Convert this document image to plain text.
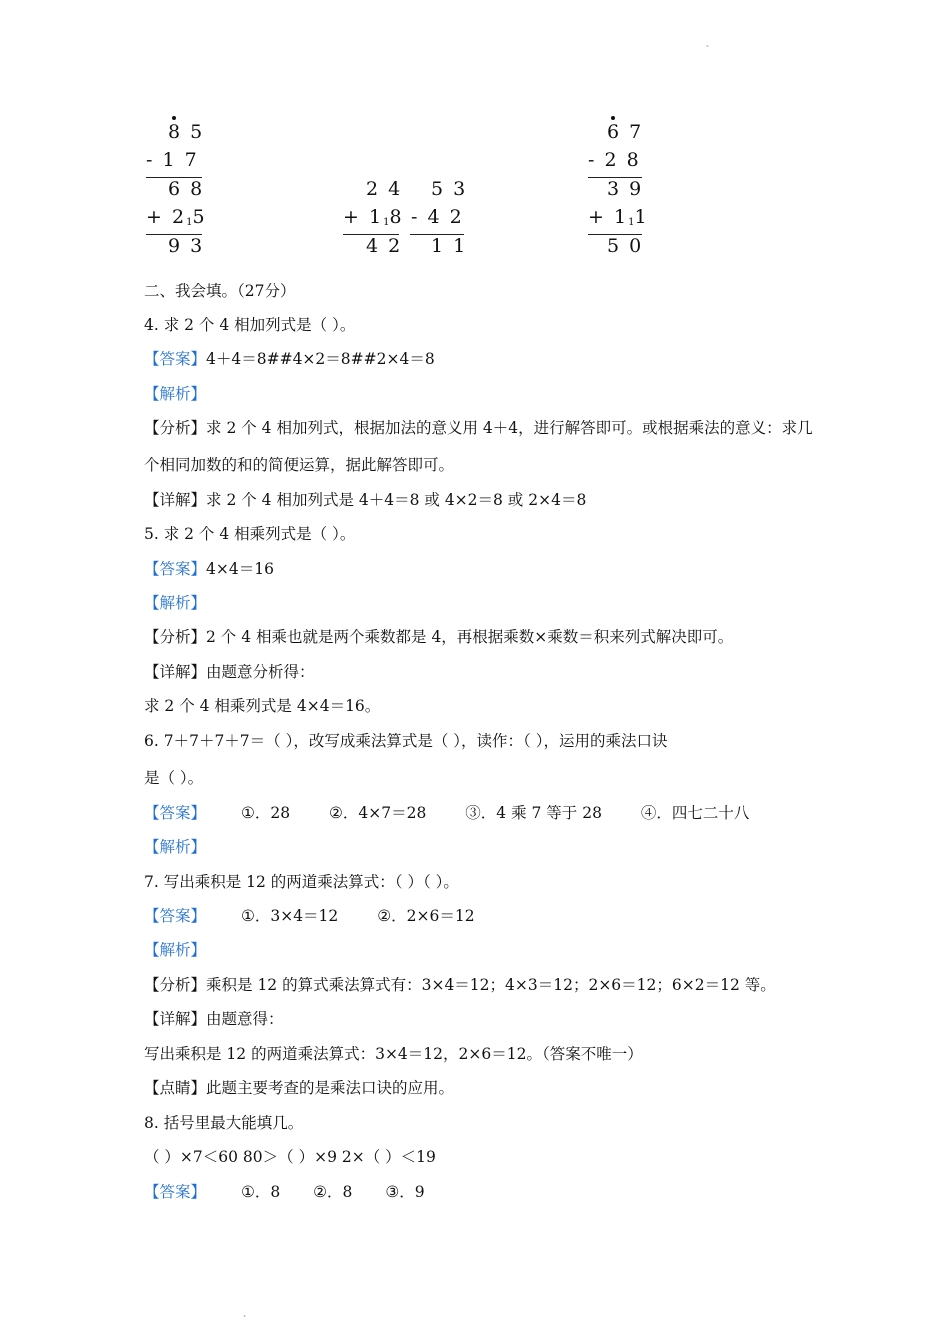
、
、
8 5
- 1 7
6 8
+ 215
9 3
2 4
+ 118
4 2
5 3
- 4 2
1 1
6 7
- 2 8
3 9
+ 111
5 0
二、我会填。（27分）
4. 求 2 个 4 相加列式是（ ）。
【答案】4＋4＝8##4×2＝8##2×4＝8
【解析】
【分析】求 2 个 4 相加列式，根据加法的意义用 4＋4，进行解答即可。或根据乘法的意义：求几
个相同加数的和的简便运算，据此解答即可。
【详解】求 2 个 4 相加列式是 4＋4＝8 或 4×2＝8 或 2×4＝8
5. 求 2 个 4 相乘列式是（ ）。
【答案】4×4＝16
【解析】
【分析】2 个 4 相乘也就是两个乘数都是 4，再根据乘数×乘数＝积来列式解决即可。
【详解】由题意分析得：
求 2 个 4 相乘列式是 4×4＝16。
6. 7＋7＋7＋7＝（ ），改写成乘法算式是（ ），读作：（ ），运用的乘法口诀
是（ ）。
【答案】 ①．28	②．4×7＝28	③．4 乘 7 等于 28	④．四七二十八
【解析】
7. 写出乘积是 12 的两道乘法算式：（ ）（ ）。
【答案】 ①．3×4＝12	②．2×6＝12
【解析】
【分析】乘积是 12 的算式乘法算式有：3×4＝12；4×3＝12；2×6＝12；6×2＝12 等。
【详解】由题意得：
写出乘积是 12 的两道乘法算式：3×4＝12，2×6＝12。（答案不唯一）
【点睛】此题主要考查的是乘法口诀的应用。
8. 括号里最大能填几。
（ ）×7＜60 80＞（ ）×9 2×（ ）＜19
【答案】 ①．8 ②．8 ③．9
